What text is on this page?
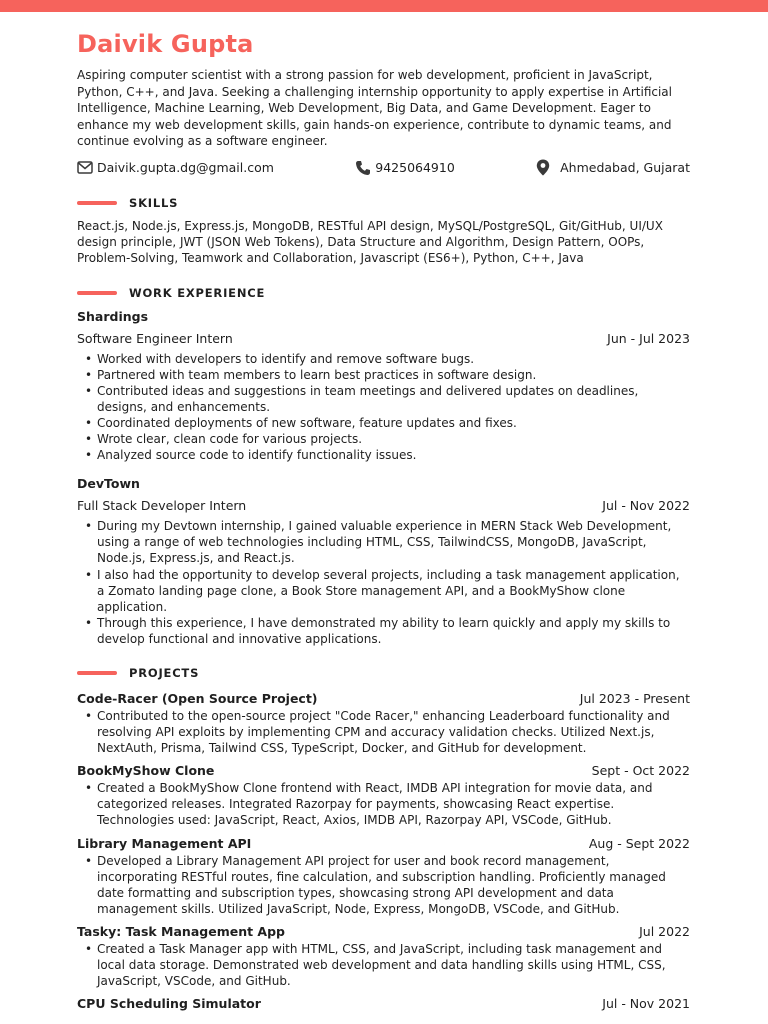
Daivik Gupta
Aspiring computer scientist with a strong passion for web development, proficient in JavaScript, Python, C++, and Java. Seeking a challenging internship opportunity to apply expertise in Artificial Intelligence, Machine Learning, Web Development, Big Data, and Game Development. Eager to enhance my web development skills, gain hands-on experience, contribute to dynamic teams, and continue evolving as a software engineer.
Daivik.gupta.dg@gmail.com	9425064910	Ahmedabad, Gujarat
SKILLS
React.js, Node.js, Express.js, MongoDB, RESTful API design, MySQL/PostgreSQL, Git/GitHub, UI/UX design principle, JWT (JSON Web Tokens), Data Structure and Algorithm, Design Pattern, OOPs, Problem-Solving, Teamwork and Collaboration, Javascript (ES6+), Python, C++, Java
WORK EXPERIENCE
Shardings
Software Engineer Intern	Jun - Jul 2023
• Worked with developers to identify and remove software bugs.
• Partnered with team members to learn best practices in software design.
• Contributed ideas and suggestions in team meetings and delivered updates on deadlines, designs, and enhancements.
• Coordinated deployments of new software, feature updates and fixes.
• Wrote clear, clean code for various projects.
• Analyzed source code to identify functionality issues.
DevTown
Full Stack Developer Intern	Jul - Nov 2022
• During my Devtown internship, I gained valuable experience in MERN Stack Web Development, using a range of web technologies including HTML, CSS, TailwindCSS, MongoDB, JavaScript, Node.js, Express.js, and React.js.
• I also had the opportunity to develop several projects, including a task management application, a Zomato landing page clone, a Book Store management API, and a BookMyShow clone application.
• Through this experience, I have demonstrated my ability to learn quickly and apply my skills to develop functional and innovative applications.
PROJECTS
Code-Racer (Open Source Project)	Jul 2023 - Present
• Contributed to the open-source project "Code Racer," enhancing Leaderboard functionality and resolving API exploits by implementing CPM and accuracy validation checks. Utilized Next.js, NextAuth, Prisma, Tailwind CSS, TypeScript, Docker, and GitHub for development.
BookMyShow Clone	Sept - Oct 2022
• Created a BookMyShow Clone frontend with React, IMDB API integration for movie data, and categorized releases. Integrated Razorpay for payments, showcasing React expertise. Technologies used: JavaScript, React, Axios, IMDB API, Razorpay API, VSCode, GitHub.
Library Management API	Aug - Sept 2022
• Developed a Library Management API project for user and book record management, incorporating RESTful routes, fine calculation, and subscription handling. Proficiently managed date formatting and subscription types, showcasing strong API development and data management skills. Utilized JavaScript, Node, Express, MongoDB, VSCode, and GitHub.
Tasky: Task Management App	Jul 2022
• Created a Task Manager app with HTML, CSS, and JavaScript, including task management and local data storage. Demonstrated web development and data handling skills using HTML, CSS, JavaScript, VSCode, and GitHub.
CPU Scheduling Simulator	Jul - Nov 2021
